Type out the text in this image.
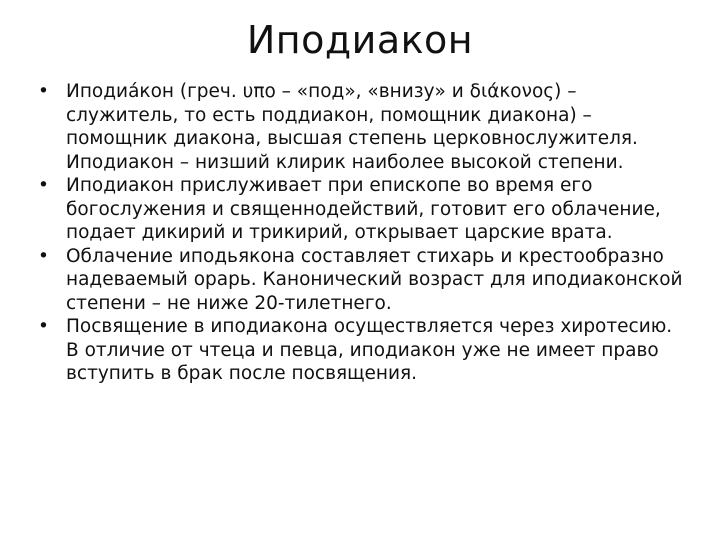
Иподиакон
• Иподиáкон (греч. υπο – «под», «внизу» и διάκονος) – служитель, то есть поддиакон, помощник диакона) – помощник диакона, высшая степень церковнослужителя. Иподиакон – низший клирик наиболее высокой степени.
• Иподиакон прислуживает при епископе во время его богослужения и священнодействий, готовит его облачение, подает дикирий и трикирий, открывает царские врата.
• Облачение иподьякона составляет стихарь и крестообразно надеваемый орарь. Канонический возраст для иподиаконской степени – не ниже 20-тилетнего.
• Посвящение в иподиакона осуществляется через хиротесию. В отличие от чтеца и певца, иподиакон уже не имеет право вступить в брак после посвящения.
